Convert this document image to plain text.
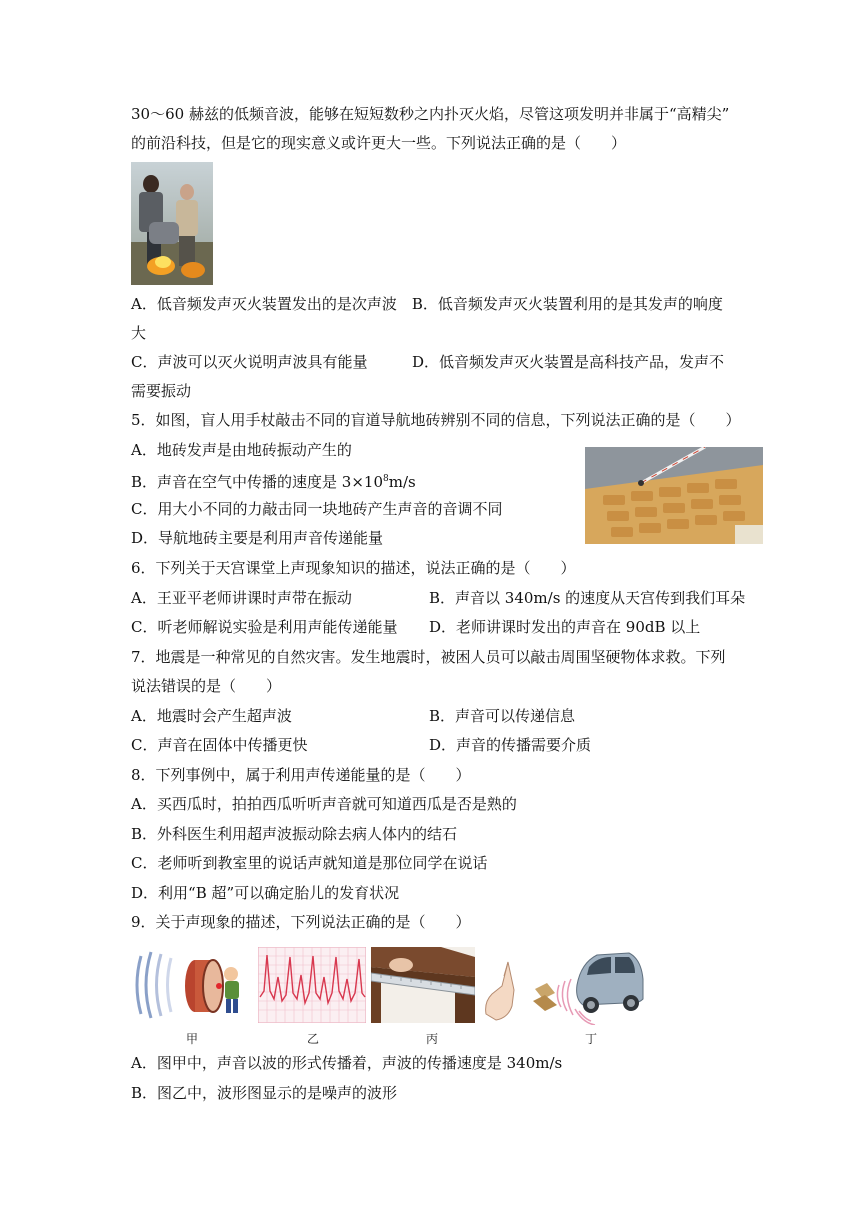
30～60 赫兹的低频音波，能够在短短数秒之内扑灭火焰，尽管这项发明并非属于“高精尖”
的前沿科技，但是它的现实意义或许更大一些。下列说法正确的是（　　）
A．低音频发声灭火装置发出的是次声波　B．低音频发声灭火装置利用的是其发声的响度
大
C．声波可以灭火说明声波具有能量	D．低音频发声灭火装置是高科技产品，发声不
需要振动
5．如图，盲人用手杖敲击不同的盲道导航地砖辨别不同的信息，下列说法正确的是（　　）
A．地砖发声是由地砖振动产生的
B．声音在空气中传播的速度是 $3\times 10^8m/s$
C．用大小不同的力敲击同一块地砖产生声音的音调不同
D．导航地砖主要是利用声音传递能量
6．下列关于天宫课堂上声现象知识的描述，说法正确的是（　　）
A．王亚平老师讲课时声带在振动	B．声音以 340m/s 的速度从天宫传到我们耳朵
C．听老师解说实验是利用声能传递能量 D．老师讲课时发出的声音在 90dB 以上
7．地震是一种常见的自然灾害。发生地震时，被困人员可以敲击周围坚硬物体求救。下列
说法错误的是（　　）
A．地震时会产生超声波	B．声音可以传递信息
C．声音在固体中传播更快	D．声音的传播需要介质
8．下列事例中，属于利用声传递能量的是（　　）
A．买西瓜时，拍拍西瓜听听声音就可知道西瓜是否是熟的
B．外科医生利用超声波振动除去病人体内的结石
C．老师听到教室里的说话声就知道是那位同学在说话
D．利用“B 超”可以确定胎儿的发育状况
9．关于声现象的描述，下列说法正确的是（　　）
甲	乙	丙	丁
A．图甲中，声音以波的形式传播着，声波的传播速度是 340m/s
B．图乙中，波形图显示的是噪声的波形
